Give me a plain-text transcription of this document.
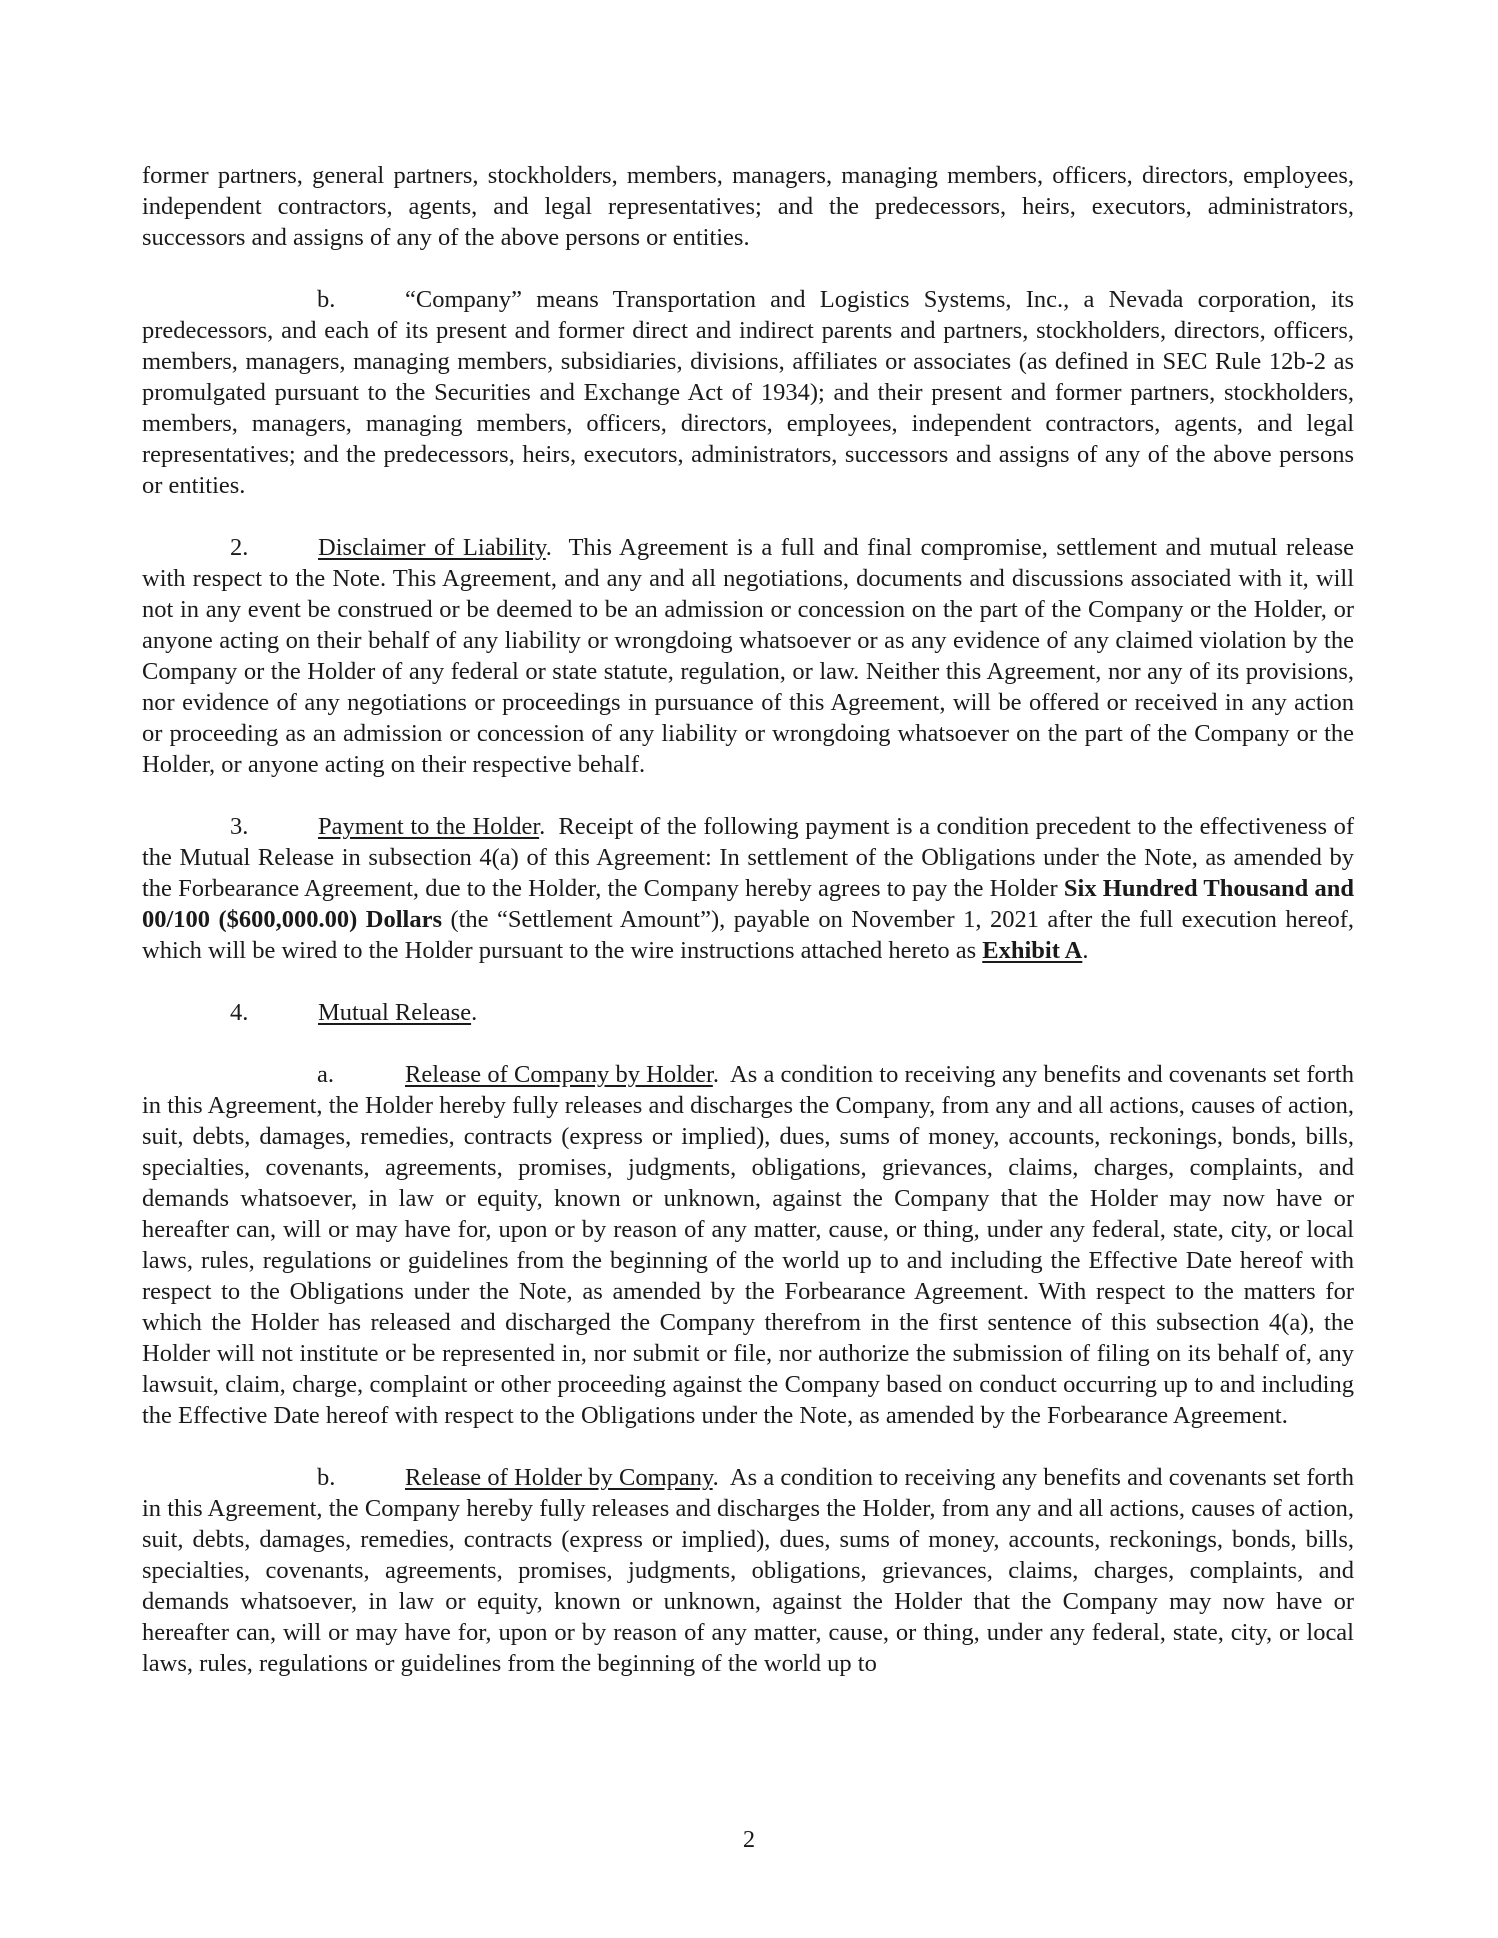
former partners, general partners, stockholders, members, managers, managing members, officers, directors, employees, independent contractors, agents, and legal representatives; and the predecessors, heirs, executors, administrators, successors and assigns of any of the above persons or entities.

b.	“Company” means Transportation and Logistics Systems, Inc., a Nevada corporation, its predecessors, and each of its present and former direct and indirect parents and partners, stockholders, directors, officers, members, managers, managing members, subsidiaries, divisions, affiliates or associates (as defined in SEC Rule 12b-2 as promulgated pursuant to the Securities and Exchange Act of 1934); and their present and former partners, stockholders, members, managers, managing members, officers, directors, employees, independent contractors, agents, and legal representatives; and the predecessors, heirs, executors, administrators, successors and assigns of any of the above persons or entities.

2.	Disclaimer of Liability.  This Agreement is a full and final compromise, settlement and mutual release with respect to the Note. This Agreement, and any and all negotiations, documents and discussions associated with it, will not in any event be construed or be deemed to be an admission or concession on the part of the Company or the Holder, or anyone acting on their behalf of any liability or wrongdoing whatsoever or as any evidence of any claimed violation by the Company or the Holder of any federal or state statute, regulation, or law. Neither this Agreement, nor any of its provisions, nor evidence of any negotiations or proceedings in pursuance of this Agreement, will be offered or received in any action or proceeding as an admission or concession of any liability or wrongdoing whatsoever on the part of the Company or the Holder, or anyone acting on their respective behalf.

3.	Payment to the Holder.  Receipt of the following payment is a condition precedent to the effectiveness of the Mutual Release in subsection 4(a) of this Agreement: In settlement of the Obligations under the Note, as amended by the Forbearance Agreement, due to the Holder, the Company hereby agrees to pay the Holder Six Hundred Thousand and 00/100 ($600,000.00) Dollars (the “Settlement Amount”), payable on November 1, 2021 after the full execution hereof, which will be wired to the Holder pursuant to the wire instructions attached hereto as Exhibit A.

4.	Mutual Release.

a.	Release of Company by Holder.  As a condition to receiving any benefits and covenants set forth in this Agreement, the Holder hereby fully releases and discharges the Company, from any and all actions, causes of action, suit, debts, damages, remedies, contracts (express or implied), dues, sums of money, accounts, reckonings, bonds, bills, specialties, covenants, agreements, promises, judgments, obligations, grievances, claims, charges, complaints, and demands whatsoever, in law or equity, known or unknown, against the Company that the Holder may now have or hereafter can, will or may have for, upon or by reason of any matter, cause, or thing, under any federal, state, city, or local laws, rules, regulations or guidelines from the beginning of the world up to and including the Effective Date hereof with respect to the Obligations under the Note, as amended by the Forbearance Agreement. With respect to the matters for which the Holder has released and discharged the Company therefrom in the first sentence of this subsection 4(a), the Holder will not institute or be represented in, nor submit or file, nor authorize the submission of filing on its behalf of, any lawsuit, claim, charge, complaint or other proceeding against the Company based on conduct occurring up to and including the Effective Date hereof with respect to the Obligations under the Note, as amended by the Forbearance Agreement.

b.	Release of Holder by Company.  As a condition to receiving any benefits and covenants set forth in this Agreement, the Company hereby fully releases and discharges the Holder, from any and all actions, causes of action, suit, debts, damages, remedies, contracts (express or implied), dues, sums of money, accounts, reckonings, bonds, bills, specialties, covenants, agreements, promises, judgments, obligations, grievances, claims, charges, complaints, and demands whatsoever, in law or equity, known or unknown, against the Holder that the Company may now have or hereafter can, will or may have for, upon or by reason of any matter, cause, or thing, under any federal, state, city, or local laws, rules, regulations or guidelines from the beginning of the world up to

2
